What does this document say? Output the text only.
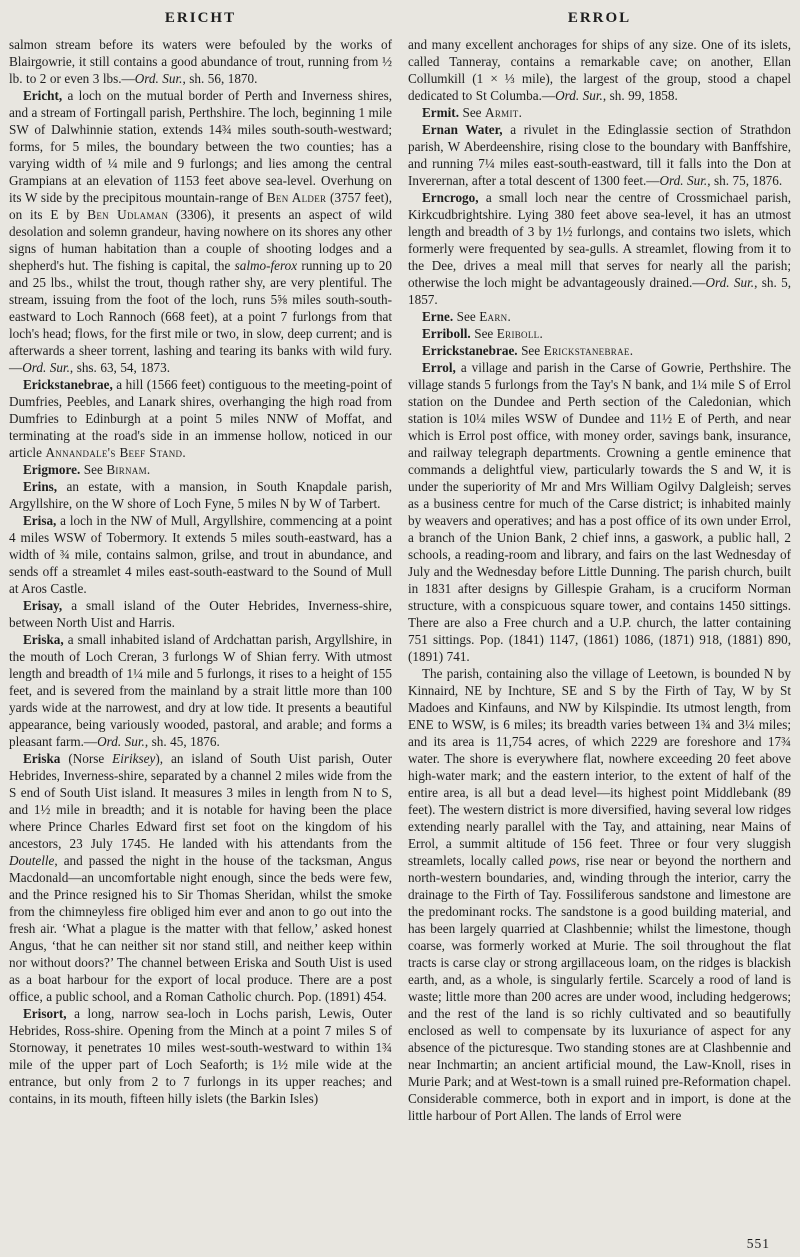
ERICHT

salmon stream before its waters were befouled by the works of Blairgowrie, it still contains a good abundance of trout, running from ½ lb. to 2 or even 3 lbs.—Ord. Sur., sh. 56, 1870.

Ericht, a loch on the mutual border of Perth and Inverness shires, and a stream of Fortingall parish, Perthshire. The loch, beginning 1 mile SW of Dalwhinnie station, extends 14¾ miles south-south-westward; forms, for 5 miles, the boundary between the two counties; has a varying width of ¼ mile and 9 furlongs; and lies among the central Grampians at an elevation of 1153 feet above sea-level. Overhung on its W side by the precipitous mountain-range of Ben Alder (3757 feet), on its E by Ben Udlaman (3306), it presents an aspect of wild desolation and solemn grandeur, having nowhere on its shores any other signs of human habitation than a couple of shooting lodges and a shepherd's hut. The fishing is capital, the salmo-ferox running up to 20 and 25 lbs., whilst the trout, though rather shy, are very plentiful. The stream, issuing from the foot of the loch, runs 5⅝ miles south-south-eastward to Loch Rannoch (668 feet), at a point 7 furlongs from that loch's head; flows, for the first mile or two, in slow, deep current; and is afterwards a sheer torrent, lashing and tearing its banks with wild fury.—Ord. Sur., shs. 63, 54, 1873.

Erickstanebrae, a hill (1566 feet) contiguous to the meeting-point of Dumfries, Peebles, and Lanark shires, overhanging the high road from Dumfries to Edinburgh at a point 5 miles NNW of Moffat, and terminating at the road's side in an immense hollow, noticed in our article Annandale's Beef Stand.

Erigmore. See Birnam.

Erins, an estate, with a mansion, in South Knapdale parish, Argyllshire, on the W shore of Loch Fyne, 5 miles N by W of Tarbert.

Erisa, a loch in the NW of Mull, Argyllshire, commencing at a point 4 miles WSW of Tobermory. It extends 5 miles south-eastward, has a width of ¾ mile, contains salmon, grilse, and trout in abundance, and sends off a streamlet 4 miles east-south-eastward to the Sound of Mull at Aros Castle.

Erisay, a small island of the Outer Hebrides, Inverness-shire, between North Uist and Harris.

Eriska, a small inhabited island of Ardchattan parish, Argyllshire, in the mouth of Loch Creran, 3 furlongs W of Shian ferry. With utmost length and breadth of 1¼ mile and 5 furlongs, it rises to a height of 155 feet, and is severed from the mainland by a strait little more than 100 yards wide at the narrowest, and dry at low tide. It presents a beautiful appearance, being variously wooded, pastoral, and arable; and forms a pleasant farm.—Ord. Sur., sh. 45, 1876.

Eriska (Norse Eiriksey), an island of South Uist parish, Outer Hebrides, Inverness-shire, separated by a channel 2 miles wide from the S end of South Uist island. It measures 3 miles in length from N to S, and 1½ mile in breadth; and it is notable for having been the place where Prince Charles Edward first set foot on the kingdom of his ancestors, 23 July 1745. He landed with his attendants from the Doutelle, and passed the night in the house of the tacksman, Angus Macdonald—an uncomfortable night enough, since the beds were few, and the Prince resigned his to Sir Thomas Sheridan, whilst the smoke from the chimneyless fire obliged him ever and anon to go out into the fresh air. ‘What a plague is the matter with that fellow,’ asked honest Angus, ‘that he can neither sit nor stand still, and neither keep within nor without doors?’ The channel between Eriska and South Uist is used as a boat harbour for the export of local produce. There are a post office, a public school, and a Roman Catholic church. Pop. (1891) 454.

Erisort, a long, narrow sea-loch in Lochs parish, Lewis, Outer Hebrides, Ross-shire. Opening from the Minch at a point 7 miles S of Stornoway, it penetrates 10 miles west-south-westward to within 1¾ mile of the upper part of Loch Seaforth; is 1½ mile wide at the entrance, but only from 2 to 7 furlongs in its upper reaches; and contains, in its mouth, fifteen hilly islets (the Barkin Isles)

ERROL

and many excellent anchorages for ships of any size. One of its islets, called Tanneray, contains a remarkable cave; on another, Ellan Collumkill (1 × ⅓ mile), the largest of the group, stood a chapel dedicated to St Columba.—Ord. Sur., sh. 99, 1858.

Ermit. See Armit.

Ernan Water, a rivulet in the Edinglassie section of Strathdon parish, W Aberdeenshire, rising close to the boundary with Banffshire, and running 7¼ miles east-south-eastward, till it falls into the Don at Inverernan, after a total descent of 1300 feet.—Ord. Sur., sh. 75, 1876.

Erncrogo, a small loch near the centre of Crossmichael parish, Kirkcudbrightshire. Lying 380 feet above sea-level, it has an utmost length and breadth of 3 by 1½ furlongs, and contains two islets, which formerly were frequented by sea-gulls. A streamlet, flowing from it to the Dee, drives a meal mill that serves for nearly all the parish; otherwise the loch might be advantageously drained.—Ord. Sur., sh. 5, 1857.

Erne. See Earn.

Erriboll. See Eriboll.

Errickstanebrae. See Erickstanebrae.

Errol, a village and parish in the Carse of Gowrie, Perthshire. The village stands 5 furlongs from the Tay's N bank, and 1¼ mile S of Errol station on the Dundee and Perth section of the Caledonian, which station is 10¼ miles WSW of Dundee and 11½ E of Perth, and near which is Errol post office, with money order, savings bank, insurance, and railway telegraph departments. Crowning a gentle eminence that commands a delightful view, particularly towards the S and W, it is under the superiority of Mr and Mrs William Ogilvy Dalgleish; serves as a business centre for much of the Carse district; is inhabited mainly by weavers and operatives; and has a post office of its own under Errol, a branch of the Union Bank, 2 chief inns, a gaswork, a public hall, 2 schools, a reading-room and library, and fairs on the last Wednesday of July and the Wednesday before Little Dunning. The parish church, built in 1831 after designs by Gillespie Graham, is a cruciform Norman structure, with a conspicuous square tower, and contains 1450 sittings. There are also a Free church and a U.P. church, the latter containing 751 sittings. Pop. (1841) 1147, (1861) 1086, (1871) 918, (1881) 890, (1891) 741.

The parish, containing also the village of Leetown, is bounded N by Kinnaird, NE by Inchture, SE and S by the Firth of Tay, W by St Madoes and Kinfauns, and NW by Kilspindie. Its utmost length, from ENE to WSW, is 6 miles; its breadth varies between 1¾ and 3¼ miles; and its area is 11,754 acres, of which 2229 are foreshore and 17¾ water. The shore is everywhere flat, nowhere exceeding 20 feet above high-water mark; and the eastern interior, to the extent of half of the entire area, is all but a dead level—its highest point Middlebank (89 feet). The western district is more diversified, having several low ridges extending nearly parallel with the Tay, and attaining, near Mains of Errol, a summit altitude of 156 feet. Three or four very sluggish streamlets, locally called pows, rise near or beyond the northern and north-western boundaries, and, winding through the interior, carry the drainage to the Firth of Tay. Fossiliferous sandstone and limestone are the predominant rocks. The sandstone is a good building material, and has been largely quarried at Clashbennie; whilst the limestone, though coarse, was formerly worked at Murie. The soil throughout the flat tracts is carse clay or strong argillaceous loam, on the ridges is blackish earth, and, as a whole, is singularly fertile. Scarcely a rood of land is waste; little more than 200 acres are under wood, including hedgerows; and the rest of the land is so richly cultivated and so beautifully enclosed as well to compensate by its luxuriance of aspect for any absence of the picturesque. Two standing stones are at Clashbennie and near Inchmartin; an ancient artificial mound, the Law-Knoll, rises in Murie Park; and at West-town is a small ruined pre-Reformation chapel. Considerable commerce, both in export and in import, is done at the little harbour of Port Allen. The lands of Errol were

551
